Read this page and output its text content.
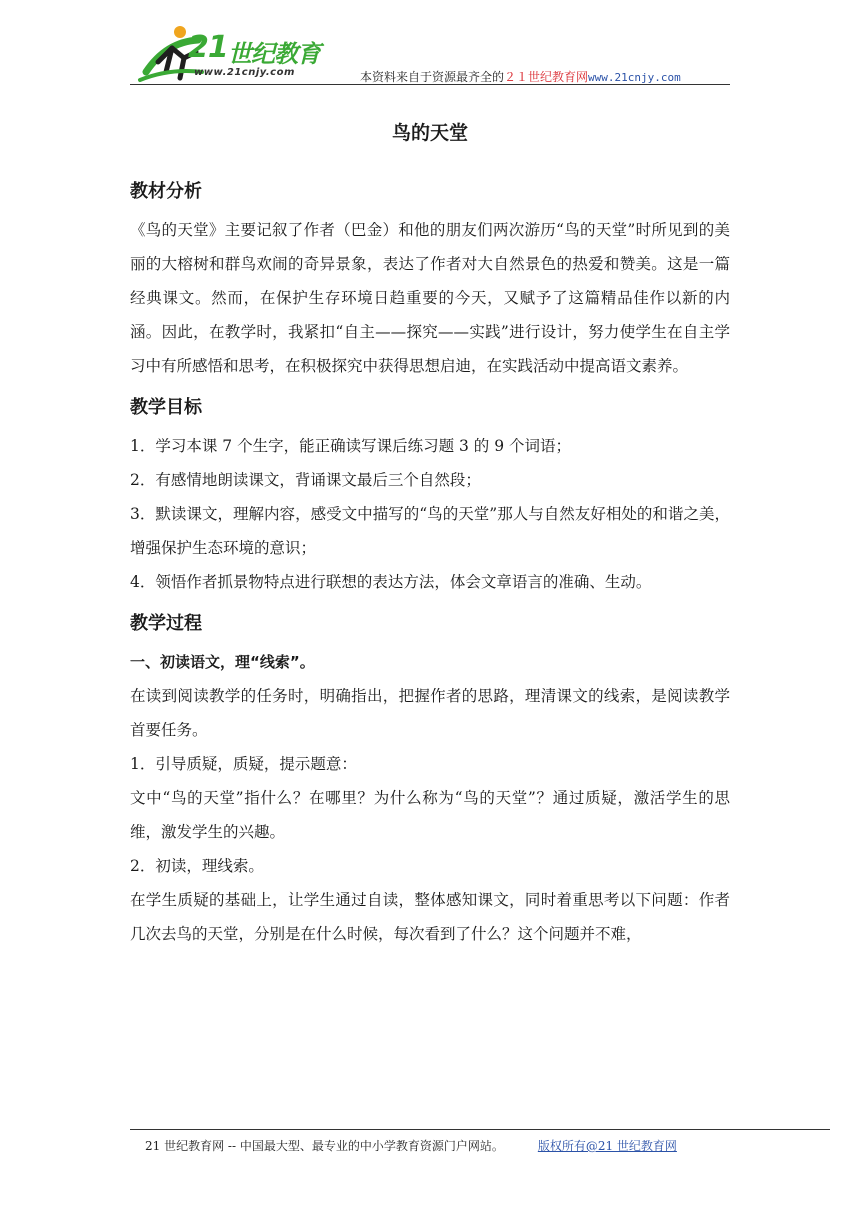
21 世纪教育
www.21cnjy.com	本资料来自于资源最齐全的２１世纪教育网www.21cnjy.com
鸟的天堂
教材分析

《鸟的天堂》主要记叙了作者（巴金）和他的朋友们两次游历“鸟的天堂”时所见到的美丽的大榕树和群鸟欢闹的奇异景象，表达了作者对大自然景色的热爱和赞美。这是一篇经典课文。然而，在保护生存环境日趋重要的今天，又赋予了这篇精品佳作以新的内涵。因此，在教学时，我紧扣“自主——探究——实践”进行设计，努力使学生在自主学习中有所感悟和思考，在积极探究中获得思想启迪，在实践活动中提高语文素养。

教学目标

1．学习本课 7 个生字，能正确读写课后练习题 3 的 9 个词语；

2．有感情地朗读课文，背诵课文最后三个自然段；

3．默读课文，理解内容，感受文中描写的“鸟的天堂”那人与自然友好相处的和谐之美，增强保护生态环境的意识；

4．领悟作者抓景物特点进行联想的表达方法，体会文章语言的准确、生动。

教学过程

一、初读语文，理“线索”。

在读到阅读教学的任务时，明确指出，把握作者的思路，理清课文的线索，是阅读教学首要任务。

1．引导质疑，质疑，提示题意：

文中“鸟的天堂”指什么？在哪里？为什么称为“鸟的天堂”？通过质疑，激活学生的思维，激发学生的兴趣。

2．初读，理线索。

在学生质疑的基础上，让学生通过自读，整体感知课文，同时着重思考以下问题：作者几次去鸟的天堂，分别是在什么时候，每次看到了什么？这个问题并不难，

21 世纪教育网 -- 中国最大型、最专业的中小学教育资源门户网站。	版权所有@21 世纪教育网
